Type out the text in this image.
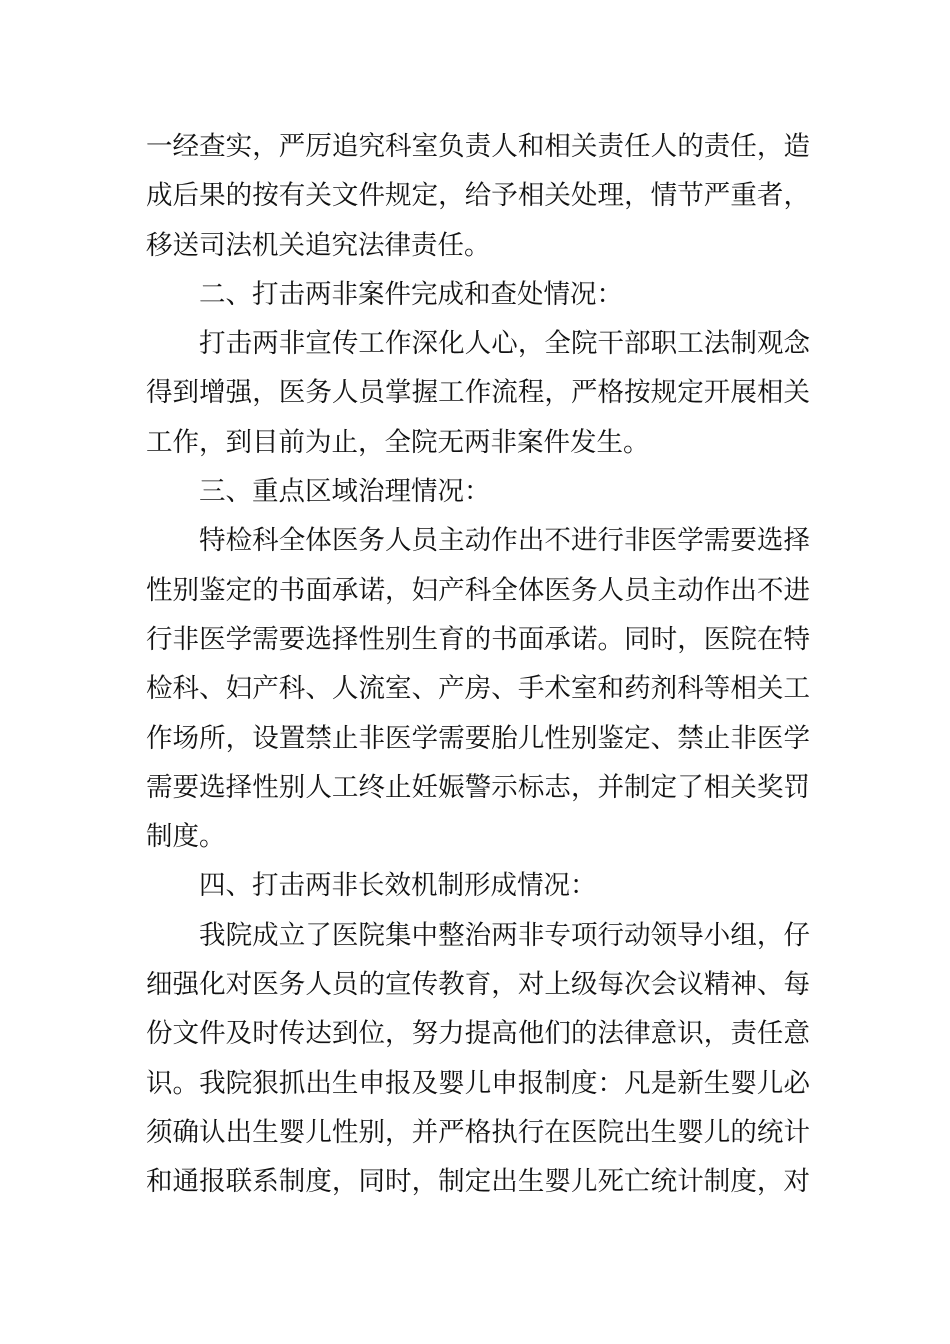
一经查实，严厉追究科室负责人和相关责任人的责任，造
成后果的按有关文件规定，给予相关处理，情节严重者，
移送司法机关追究法律责任。
二、打击两非案件完成和查处情况：
打击两非宣传工作深化人心，全院干部职工法制观念
得到增强，医务人员掌握工作流程，严格按规定开展相关
工作，到目前为止，全院无两非案件发生。
三、重点区域治理情况：
特检科全体医务人员主动作出不进行非医学需要选择
性别鉴定的书面承诺，妇产科全体医务人员主动作出不进
行非医学需要选择性别生育的书面承诺。同时，医院在特
检科、妇产科、人流室、产房、手术室和药剂科等相关工
作场所，设置禁止非医学需要胎儿性别鉴定、禁止非医学
需要选择性别人工终止妊娠警示标志，并制定了相关奖罚
制度。
四、打击两非长效机制形成情况：
我院成立了医院集中整治两非专项行动领导小组，仔
细强化对医务人员的宣传教育，对上级每次会议精神、每
份文件及时传达到位，努力提高他们的法律意识，责任意
识。我院狠抓出生申报及婴儿申报制度：凡是新生婴儿必
须确认出生婴儿性别，并严格执行在医院出生婴儿的统计
和通报联系制度，同时，制定出生婴儿死亡统计制度，对
